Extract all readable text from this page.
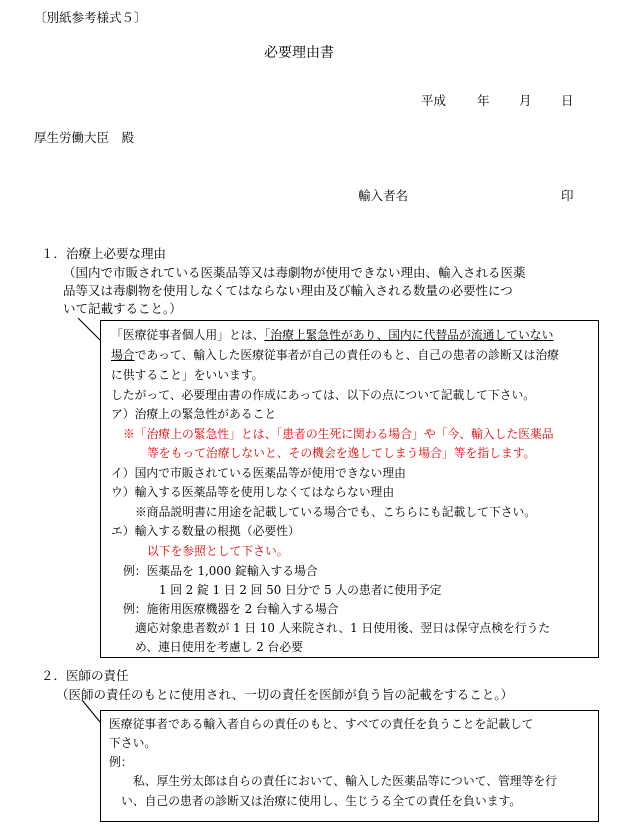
〔別紙参考様式５〕
必要理由書
平成 年 月 日
厚生労働大臣　殿
輸入者名	印
１．治療上必要な理由
（国内で市販されている医薬品等又は毒劇物が使用できない理由、輸入される医薬
品等又は毒劇物を使用しなくてはならない理由及び輸入される数量の必要性につ
いて記載すること。）
「医療従事者個人用」とは、「治療上緊急性があり、国内に代替品が流通していない
場合であって、輸入した医療従事者が自己の責任のもと、自己の患者の診断又は治療
に供すること」をいいます。
したがって、必要理由書の作成にあっては、以下の点について記載して下さい。
ア）治療上の緊急性があること
※「治療上の緊急性」とは、「患者の生死に関わる場合」や「今、輸入した医薬品
等をもって治療しないと、その機会を逸してしまう場合」等を指します。
イ）国内で市販されている医薬品等が使用できない理由
ウ）輸入する医薬品等を使用しなくてはならない理由
※商品説明書に用途を記載している場合でも、こちらにも記載して下さい。
エ）輸入する数量の根拠（必要性）
以下を参照として下さい。
例：医薬品を 1,000 錠輸入する場合
1 回 2 錠 1 日 2 回 50 日分で 5 人の患者に使用予定
例：施術用医療機器を 2 台輸入する場合
適応対象患者数が 1 日 10 人来院され、1 日使用後、翌日は保守点検を行うた
め、連日使用を考慮し 2 台必要
２．医師の責任
（医師の責任のもとに使用され、一切の責任を医師が負う旨の記載をすること。）
医療従事者である輸入者自らの責任のもと、すべての責任を負うことを記載して
下さい。
例：
私、厚生労太郎は自らの責任において、輸入した医薬品等について、管理等を行
い、自己の患者の診断又は治療に使用し、生じうる全ての責任を負います。
